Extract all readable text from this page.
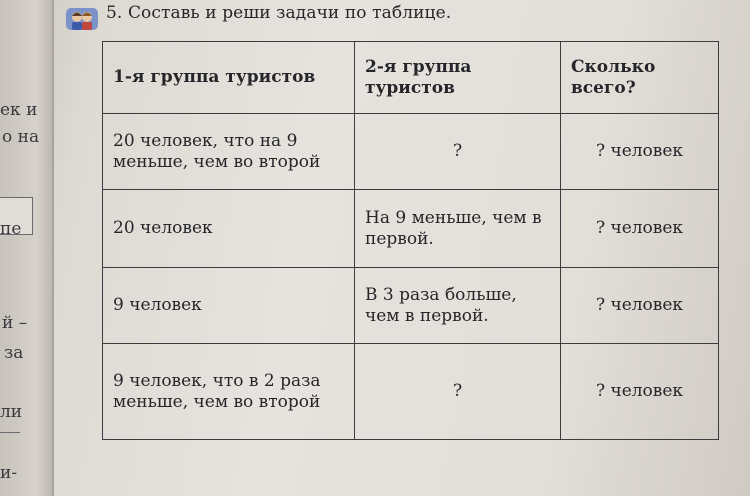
ек и
о на
пе
й –
за
ли
и-
5. Составь и реши задачи по таблице.
1-я группа туристов	2-я группа туристов	Сколько всего?
20 человек, что на 9 меньше, чем во второй	?	? человек
20 человек	На 9 меньше, чем в первой.	? человек
9 человек	В 3 раза больше, чем в первой.	? человек
9 человек, что в 2 раза меньше, чем во второй	?	? человек
